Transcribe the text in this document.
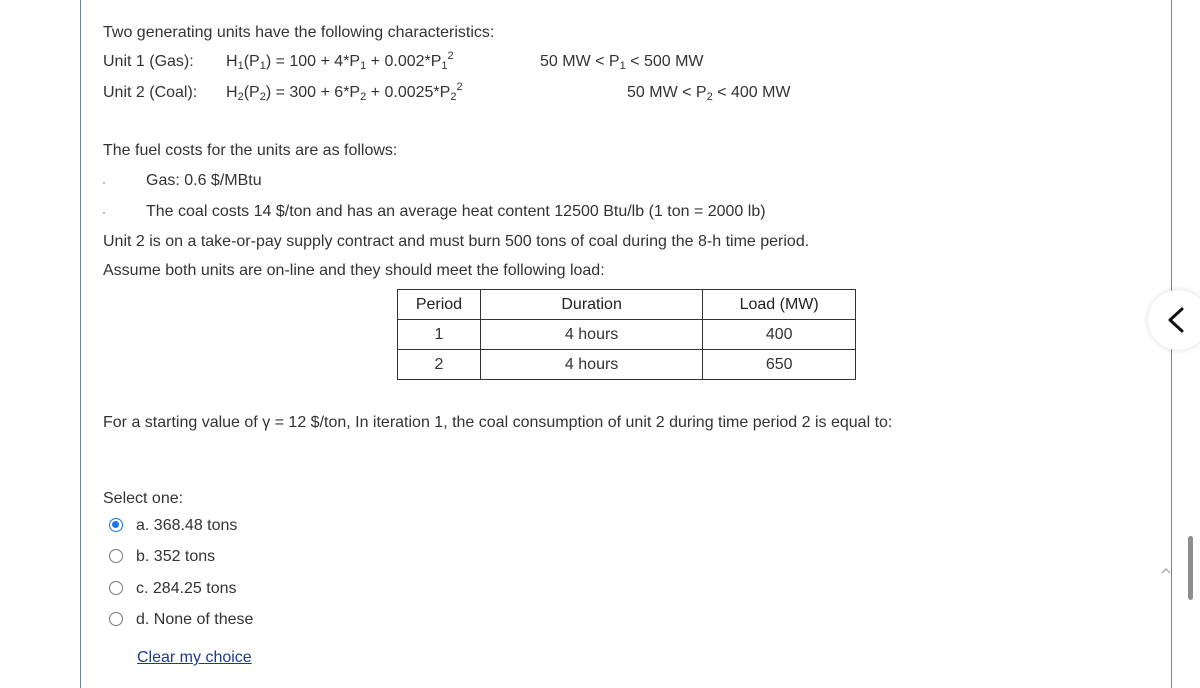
Two generating units have the following characteristics:
Unit 1 (Gas): $H_1(P_1) = 100 + 4*P_1 + 0.002*P_1^2$	50 MW < $P_1 < 500$ MW
Unit 2 (Coal): $H_2(P_2) = 300 + 6*P_2 + 0.0025*P_2^2$	50 MW < $P_2 < 400$ MW
The fuel costs for the units are as follows:
·	Gas: 0.6 $/MBtu
·	The coal costs 14 $/ton and has an average heat content 12500 Btu/lb (1 ton = 2000 lb)
Unit 2 is on a take-or-pay supply contract and must burn 500 tons of coal during the 8-h time period.
Assume both units are on-line and they should meet the following load:
Period	Duration	Load (MW)
1	4 hours	400
2	4 hours	650
For a starting value of γ = 12 $/ton, In iteration 1, the coal consumption of unit 2 during time period 2 is equal to:
Select one:
a. 368.48 tons
b. 352 tons
c. 284.25 tons
d. None of these
Clear my choice
